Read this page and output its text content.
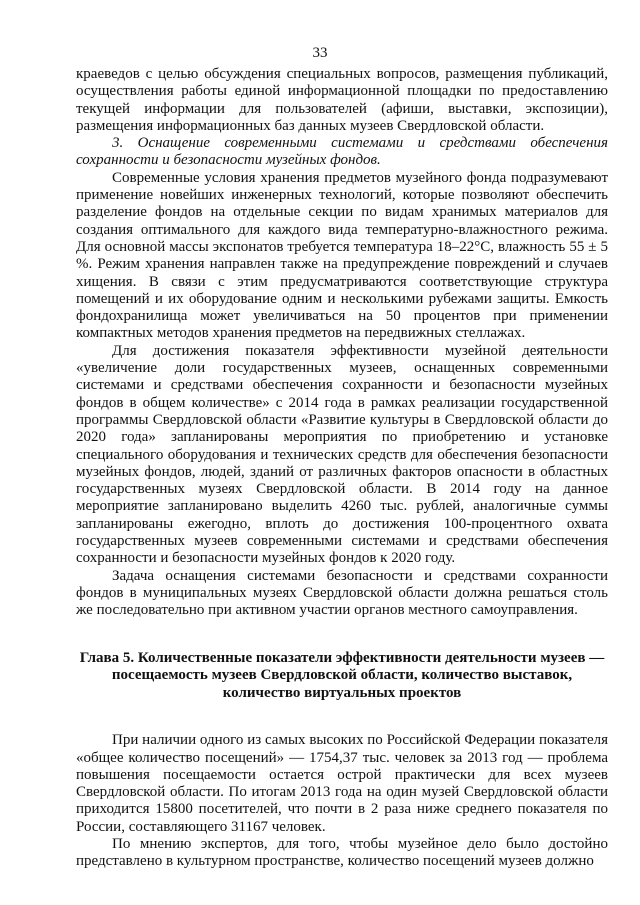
33

краеведов с целью обсуждения специальных вопросов, размещения публикаций, осуществления работы единой информационной площадки по предоставлению текущей информации для пользователей (афиши, выставки, экспозиции), размещения информационных баз данных музеев Свердловской области.

3. Оснащение современными системами и средствами обеспечения сохранности и безопасности музейных фондов.

Современные условия хранения предметов музейного фонда подразумевают применение новейших инженерных технологий, которые позволяют обеспечить разделение фондов на отдельные секции по видам хранимых материалов для создания оптимального для каждого вида температурно-влажностного режима. Для основной массы экспонатов требуется температура 18–22°C, влажность 55 ± 5 %. Режим хранения направлен также на предупреждение повреждений и случаев хищения. В связи с этим предусматриваются соответствующие структура помещений и их оборудование одним и несколькими рубежами защиты. Емкость фондохранилища может увеличиваться на 50 процентов при применении компактных методов хранения предметов на передвижных стеллажах.

Для достижения показателя эффективности музейной деятельности «увеличение доли государственных музеев, оснащенных современными системами и средствами обеспечения сохранности и безопасности музейных фондов в общем количестве» с 2014 года в рамках реализации государственной программы Свердловской области «Развитие культуры в Свердловской области до 2020 года» запланированы мероприятия по приобретению и установке специального оборудования и технических средств для обеспечения безопасности музейных фондов, людей, зданий от различных факторов опасности в областных государственных музеях Свердловской области. В 2014 году на данное мероприятие запланировано выделить 4260 тыс. рублей, аналогичные суммы запланированы ежегодно, вплоть до достижения 100-процентного охвата государственных музеев современными системами и средствами обеспечения сохранности и безопасности музейных фондов к 2020 году.

Задача оснащения системами безопасности и средствами сохранности фондов в муниципальных музеях Свердловской области должна решаться столь же последовательно при активном участии органов местного самоуправления.

Глава 5. Количественные показатели эффективности деятельности музеев — посещаемость музеев Свердловской области, количество выставок, количество виртуальных проектов

При наличии одного из самых высоких по Российской Федерации показателя «общее количество посещений» — 1754,37 тыс. человек за 2013 год — проблема повышения посещаемости остается острой практически для всех музеев Свердловской области. По итогам 2013 года на один музей Свердловской области приходится 15800 посетителей, что почти в 2 раза ниже среднего показателя по России, составляющего 31167 человек.

По мнению экспертов, для того, чтобы музейное дело было достойно представлено в культурном пространстве, количество посещений музеев должно
